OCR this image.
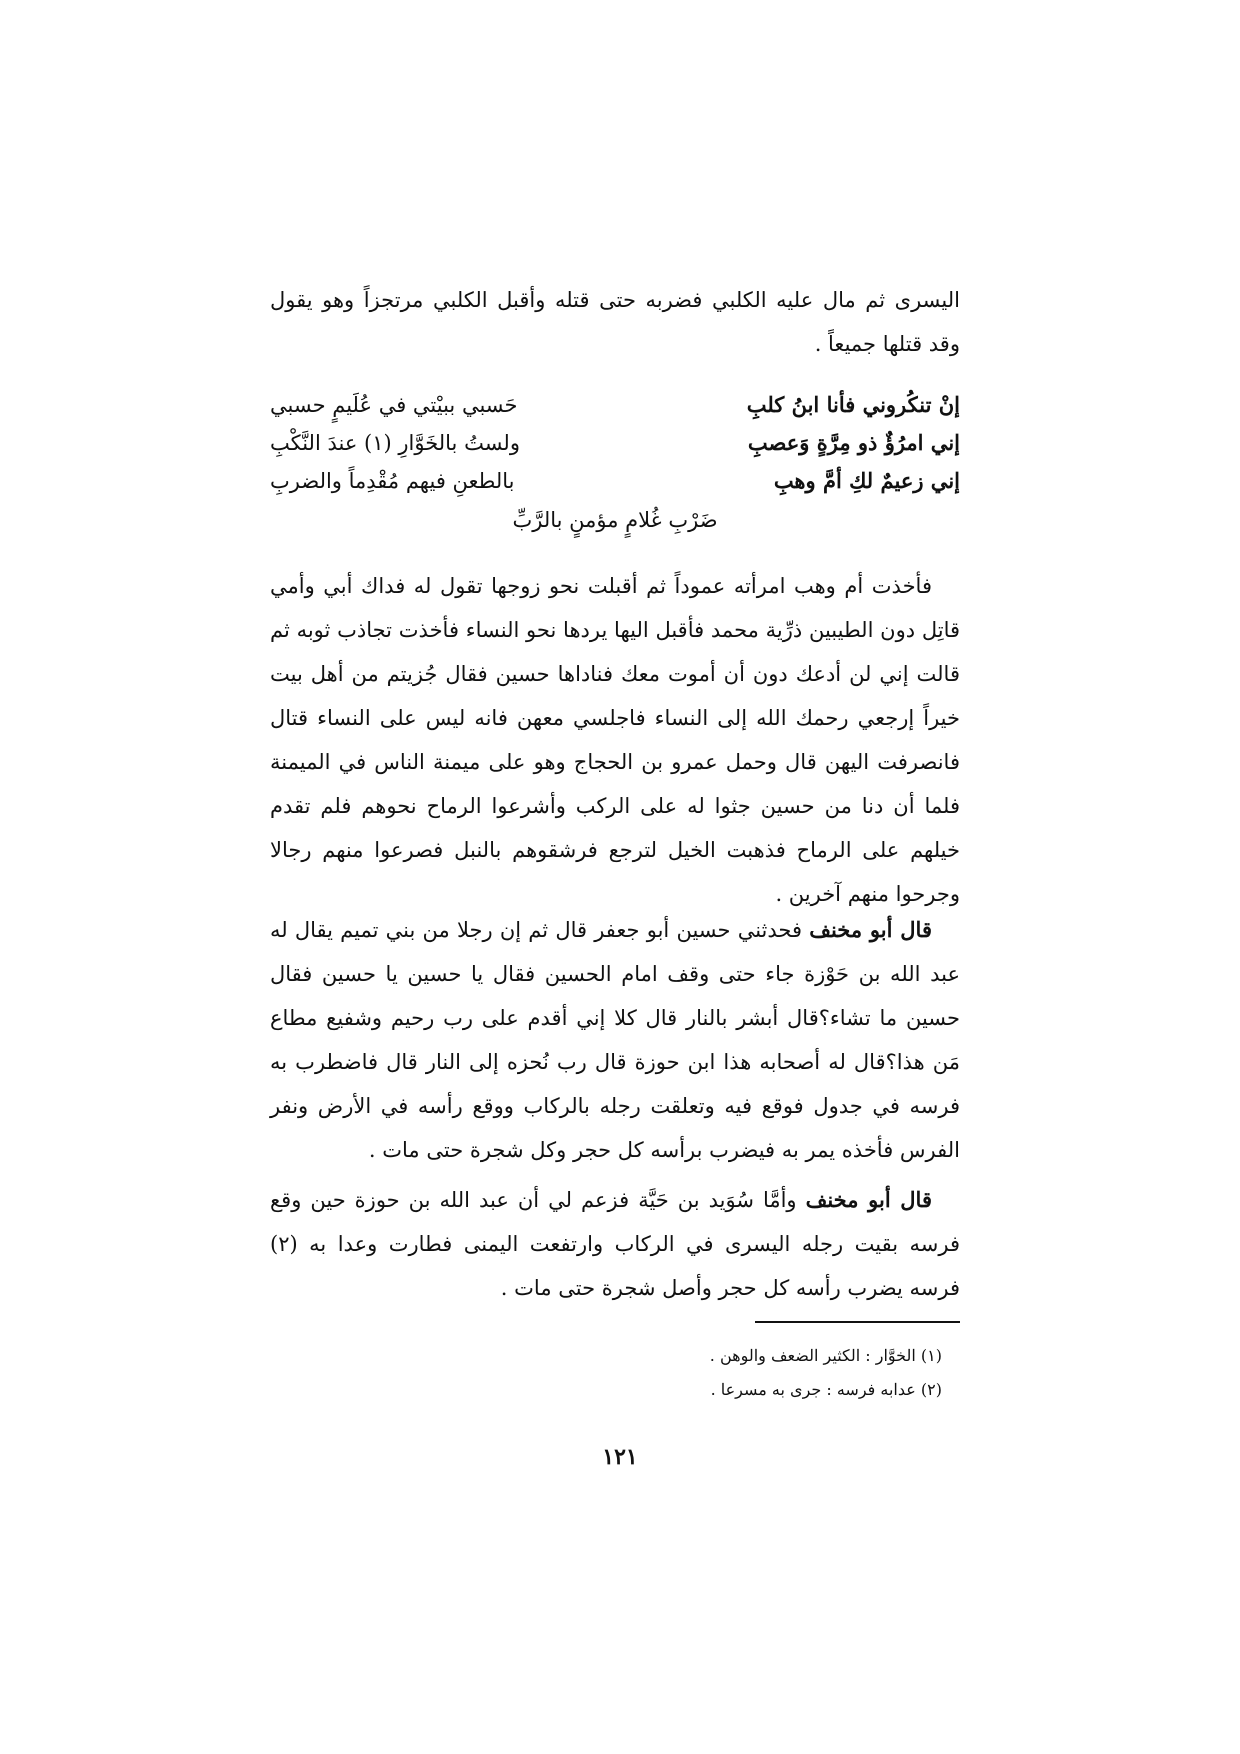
اليسرى ثم مال عليه الكلبي فضربه حتى قتله وأقبل الكلبي مرتجزاً وهو يقول وقد قتلها جميعاً .

إنْ تنكُروني فأنا ابنُ كلبِ
حَسبي ببيْتي في عُلَيمٍ حسبي
إني امرُؤٌ ذو مِرَّةٍ وَعصبِ
ولستُ بالخَوَّارِ (١) عندَ النَّكْبِ
إني زعيمٌ لكِ أمَّ وهبِ
بالطعنِ فيهم مُقْدِماً والضربِ
ضَرْبِ غُلامٍ مؤمنٍ بالرَّبِّ

فأخذت أم وهب امرأته عموداً ثم أقبلت نحو زوجها تقول له فداك أبي وأمي قاتِل دون الطيبين ذرِّية محمد فأقبل اليها يردها نحو النساء فأخذت تجاذب ثوبه ثم قالت إني لن أدعك دون أن أموت معك فناداها حسين فقال جُزيتم من أهل بيت خيراً إرجعي رحمك الله إلى النساء فاجلسي معهن فانه ليس على النساء قتال فانصرفت اليهن قال وحمل عمرو بن الحجاج وهو على ميمنة الناس في الميمنة فلما أن دنا من حسين جثوا له على الركب وأشرعوا الرماح نحوهم فلم تقدم خيلهم على الرماح فذهبت الخيل لترجع فرشقوهم بالنبل فصرعوا منهم رجالا وجرحوا منهم آخرين .

قال أبو مخنف فحدثني حسين أبو جعفر قال ثم إن رجلا من بني تميم يقال له عبد الله بن حَوْزة جاء حتى وقف امام الحسين فقال يا حسين يا حسين فقال حسين ما تشاء؟قال أبشر بالنار قال كلا إني أقدم على رب رحيم وشفيع مطاع مَن هذا؟قال له أصحابه هذا ابن حوزة قال رب نُحزه إلى النار قال فاضطرب به فرسه في جدول فوقع فيه وتعلقت رجله بالركاب ووقع رأسه في الأرض ونفر الفرس فأخذه يمر به فيضرب برأسه كل حجر وكل شجرة حتى مات .

قال أبو مخنف وأمَّا سُوَيد بن حَيَّة فزعم لي أن عبد الله بن حوزة حين وقع فرسه بقيت رجله اليسرى في الركاب وارتفعت اليمنى فطارت وعدا به (٢) فرسه يضرب رأسه كل حجر وأصل شجرة حتى مات .

(١) الخوَّار : الكثير الضعف والوهن .

(٢) عدابه فرسه : جرى به مسرعا .

١٢١
